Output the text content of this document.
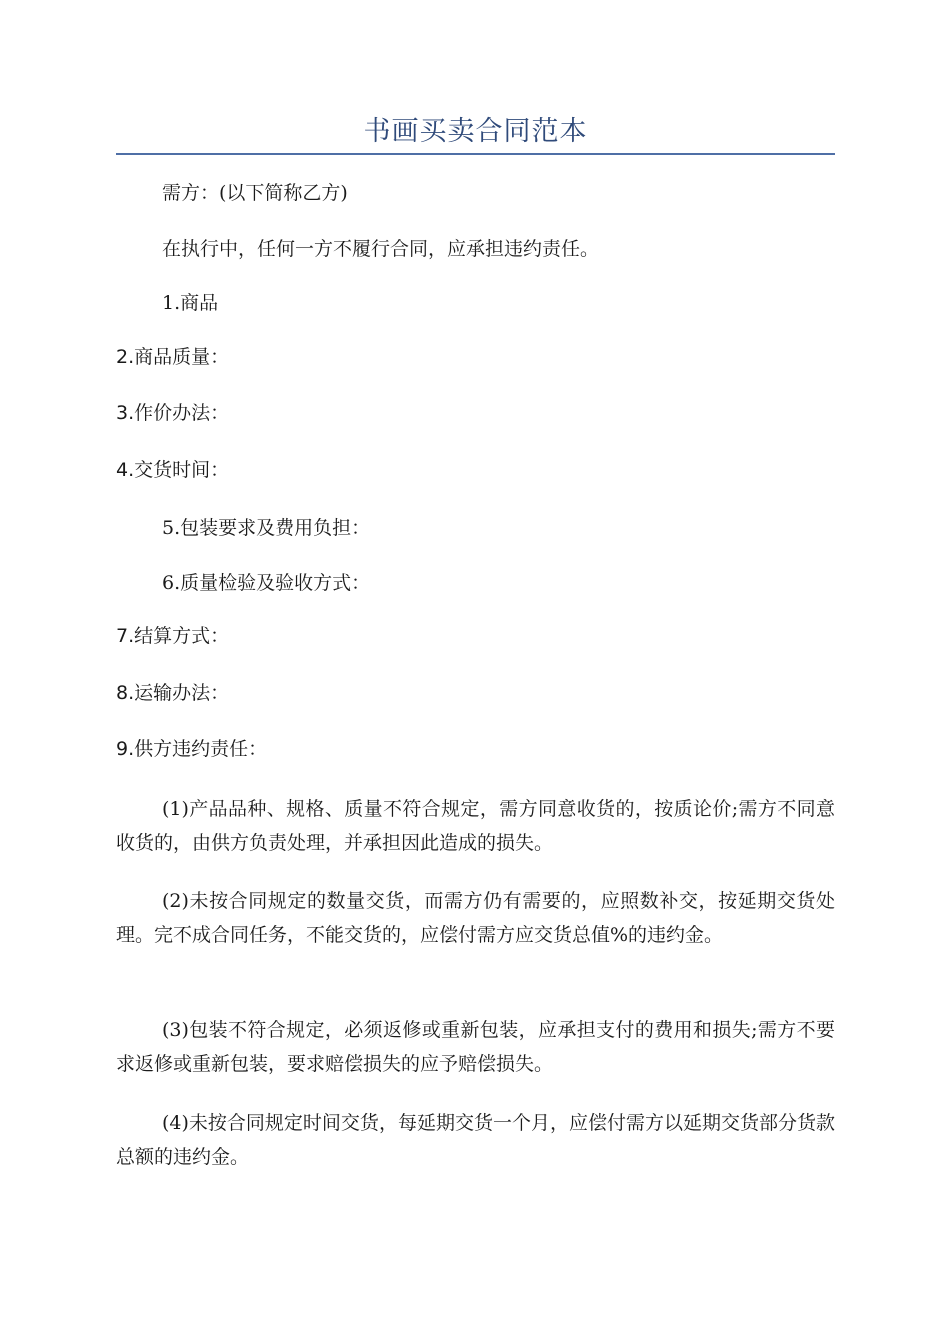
书画买卖合同范本
需方：(以下简称乙方)
在执行中，任何一方不履行合同，应承担违约责任。
1.商品
2.商品质量：
3.作价办法：
4.交货时间：
5.包装要求及费用负担：
6.质量检验及验收方式：
7.结算方式：
8.运输办法：
9.供方违约责任：
(1)产品品种、规格、质量不符合规定，需方同意收货的，按质论价;需方不同意收货的，由供方负责处理，并承担因此造成的损失。
(2)未按合同规定的数量交货，而需方仍有需要的，应照数补交，按延期交货处理。完不成合同任务，不能交货的，应偿付需方应交货总值%的违约金。
(3)包装不符合规定，必须返修或重新包装，应承担支付的费用和损失;需方不要求返修或重新包装，要求赔偿损失的应予赔偿损失。
(4)未按合同规定时间交货，每延期交货一个月，应偿付需方以延期交货部分货款总额的违约金。
